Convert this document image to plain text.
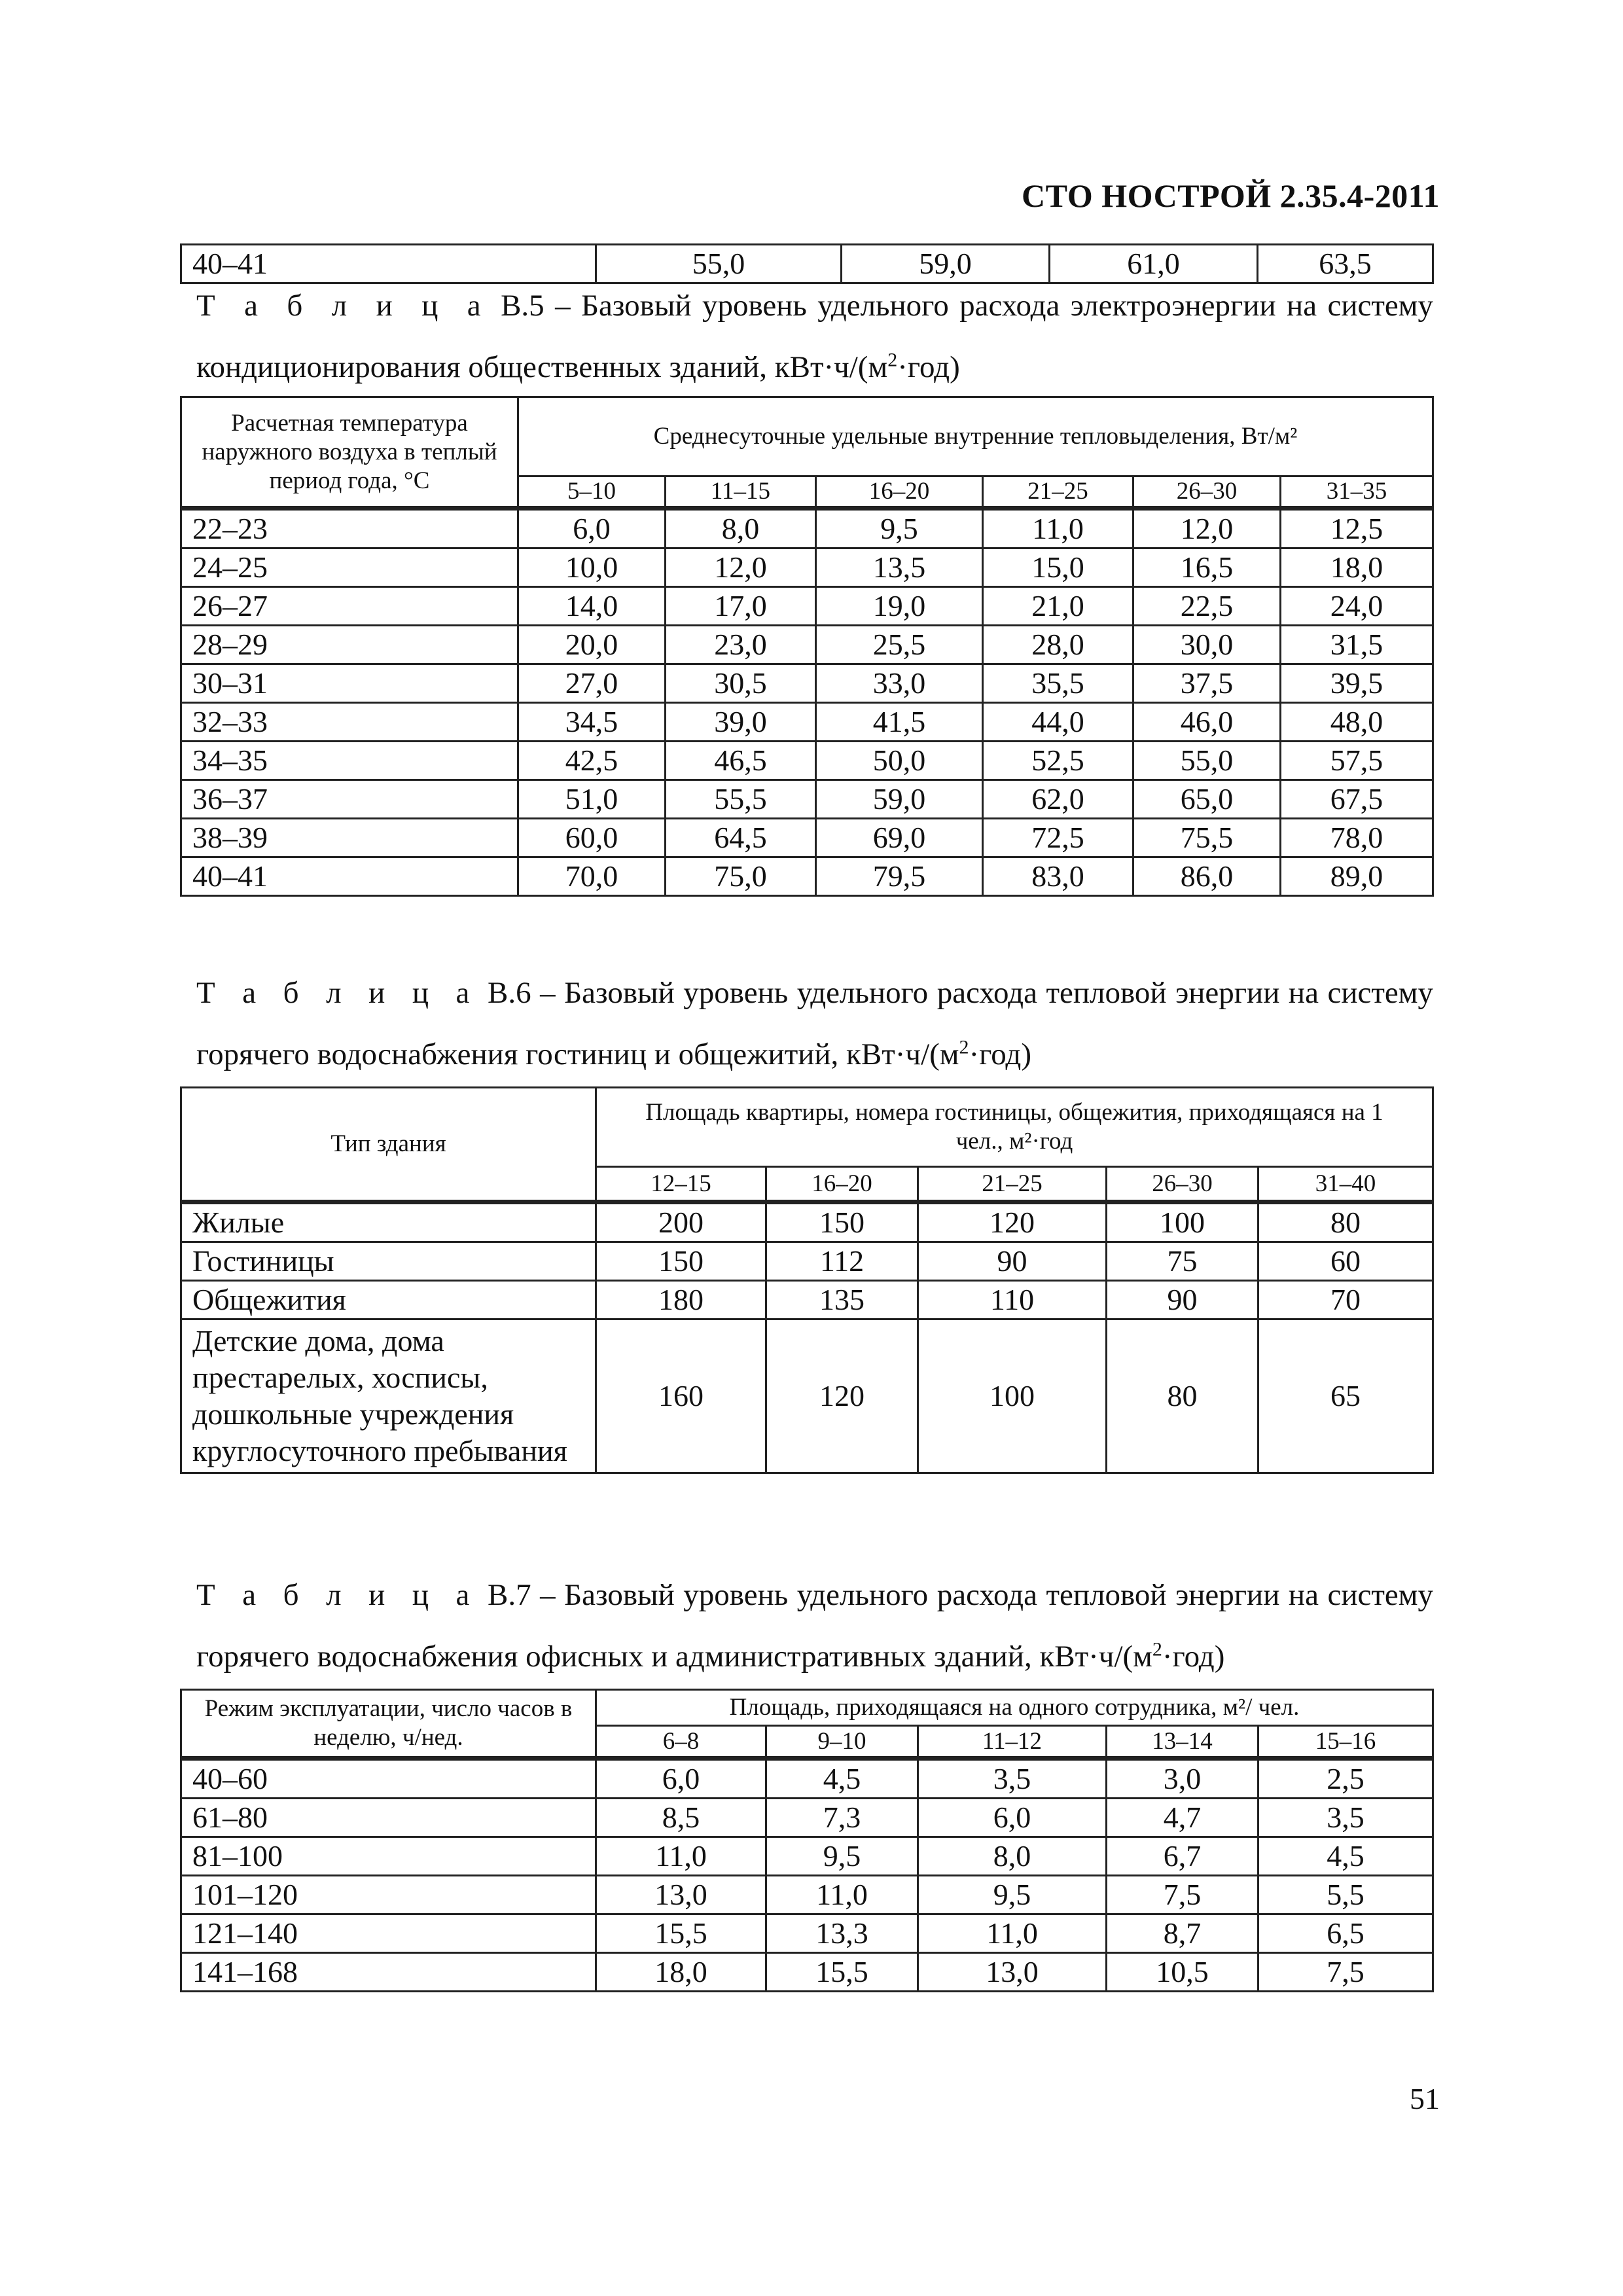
СТО НОСТРОЙ 2.35.4-2011
40–41	55,0	59,0	61,0	63,5
Т а б л и ц а В.5 – Базовый уровень удельного расхода электроэнергии на систему кондиционирования общественных зданий, $кВт\cdot ч/(м^2\cdot год)$
Расчетная температура наружного воздуха в теплый период года, °С	Среднесуточные удельные внутренние тепловыделения, Вт/м²					
	5–10	11–15	16–20	21–25	26–30	31–35
22–23	6,0	8,0	9,5	11,0	12,0	12,5
24–25	10,0	12,0	13,5	15,0	16,5	18,0
26–27	14,0	17,0	19,0	21,0	22,5	24,0
28–29	20,0	23,0	25,5	28,0	30,0	31,5
30–31	27,0	30,5	33,0	35,5	37,5	39,5
32–33	34,5	39,0	41,5	44,0	46,0	48,0
34–35	42,5	46,5	50,0	52,5	55,0	57,5
36–37	51,0	55,5	59,0	62,0	65,0	67,5
38–39	60,0	64,5	69,0	72,5	75,5	78,0
40–41	70,0	75,0	79,5	83,0	86,0	89,0
Т а б л и ц а В.6 – Базовый уровень удельного расхода тепловой энергии на систему горячего водоснабжения гостиниц и общежитий, $кВт\cdot ч/(м^2\cdot год)$
Тип здания	Площадь квартиры, номера гостиницы, общежития, приходящаяся на 1 чел., м²·год				
	12–15	16–20	21–25	26–30	31–40
Жилые	200	150	120	100	80
Гостиницы	150	112	90	75	60
Общежития	180	135	110	90	70
Детские дома, дома престарелых, хосписы, дошкольные учреждения круглосуточного пребывания	160	120	100	80	65
Т а б л и ц а В.7 – Базовый уровень удельного расхода тепловой энергии на систему горячего водоснабжения офисных и административных зданий, $кВт\cdot ч/(м^2\cdot год)$
Режим эксплуатации, число часов в неделю, ч/нед.	Площадь, приходящаяся на одного сотрудника, м²/ чел.				
	6–8	9–10	11–12	13–14	15–16
40–60	6,0	4,5	3,5	3,0	2,5
61–80	8,5	7,3	6,0	4,7	3,5
81–100	11,0	9,5	8,0	6,7	4,5
101–120	13,0	11,0	9,5	7,5	5,5
121–140	15,5	13,3	11,0	8,7	6,5
141–168	18,0	15,5	13,0	10,5	7,5
51
